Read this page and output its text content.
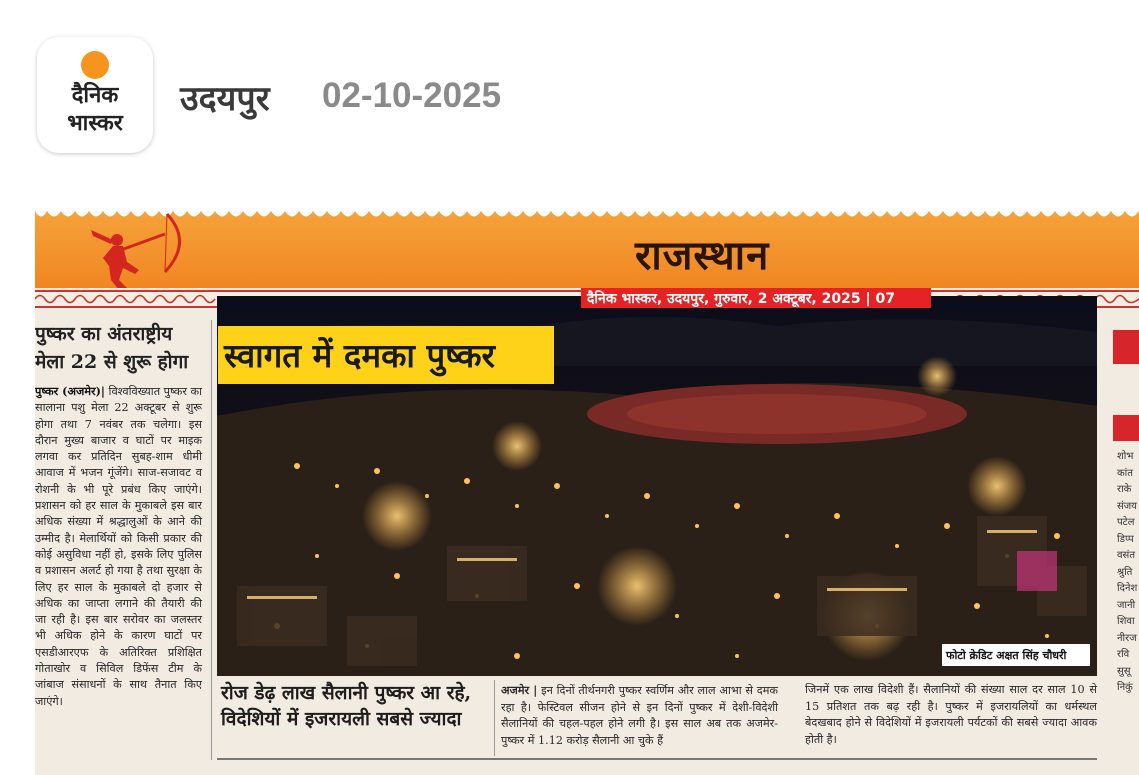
दैनिक
भास्कर
उदयपुर 02-10-2025
राजस्थान
पुष्कर का अंतराष्ट्रीय मेला 22 से शुरू होगा
पुष्कर (अजमेर)| विश्वविख्यात पुष्कर का सालाना पशु मेला 22 अक्टूबर से शुरू होगा तथा 7 नवंबर तक चलेगा। इस दौरान मुख्य बाजार व घाटों पर माइक लगवा कर प्रतिदिन सुबह-शाम धीमी आवाज में भजन गूंजेंगे। साज-सजावट व रोशनी के भी पूरे प्रबंध किए जाएंगे। प्रशासन को हर साल के मुकाबले इस बार अधिक संख्या में श्रद्धालुओं के आने की उम्मीद है। मेलार्थियों को किसी प्रकार की कोई असुविधा नहीं हो, इसके लिए पुलिस व प्रशासन अलर्ट हो गया है तथा सुरक्षा के लिए हर साल के मुकाबले दो हजार से अधिक का जाप्ता लगाने की तैयारी की जा रही है। इस बार सरोवर का जलस्तर भी अधिक होने के कारण घाटों पर एसडीआरएफ के अतिरिक्त प्रशिक्षित गोताखोर व सिविल डिफेंस टीम के जांबाज संसाधनों के साथ तैनात किए जाएंगे।
दैनिक भास्कर, उदयपुर, गुरुवार, 2 अक्टूबर, 2025 | 07
स्वागत में दमका पुष्कर
फोटो क्रेडिट अक्षत सिंह चौधरी
रोज डेढ़ लाख सैलानी पुष्कर आ रहे, विदेशियों में इजरायली सबसे ज्यादा
अजमेर | इन दिनों तीर्थनगरी पुष्कर स्वर्णिम और लाल आभा से दमक रहा है। फेस्टिवल सीजन होने से इन दिनों पुष्कर में देशी-विदेशी सैलानियों की चहल-पहल होने लगी है। इस साल अब तक अजमेर-पुष्कर में 1.12 करोड़ सैलानी आ चुके हैं
जिनमें एक लाख विदेशी हैं। सैलानियों की संख्या साल दर साल 10 से 15 प्रतिशत तक बढ़ रही है। पुष्कर में इजरायलियों का धर्मस्थल बेदखबाद होने से विदेशियों में इजरायली पर्यटकों की सबसे ज्यादा आवक होती है।
शोभ
कांत
राके
संजय
पटेल
डिप्प
वसंत
श्रुति
दिनेश
जानी
शिवा
नीरज
रवि
सुसू
निकुं
